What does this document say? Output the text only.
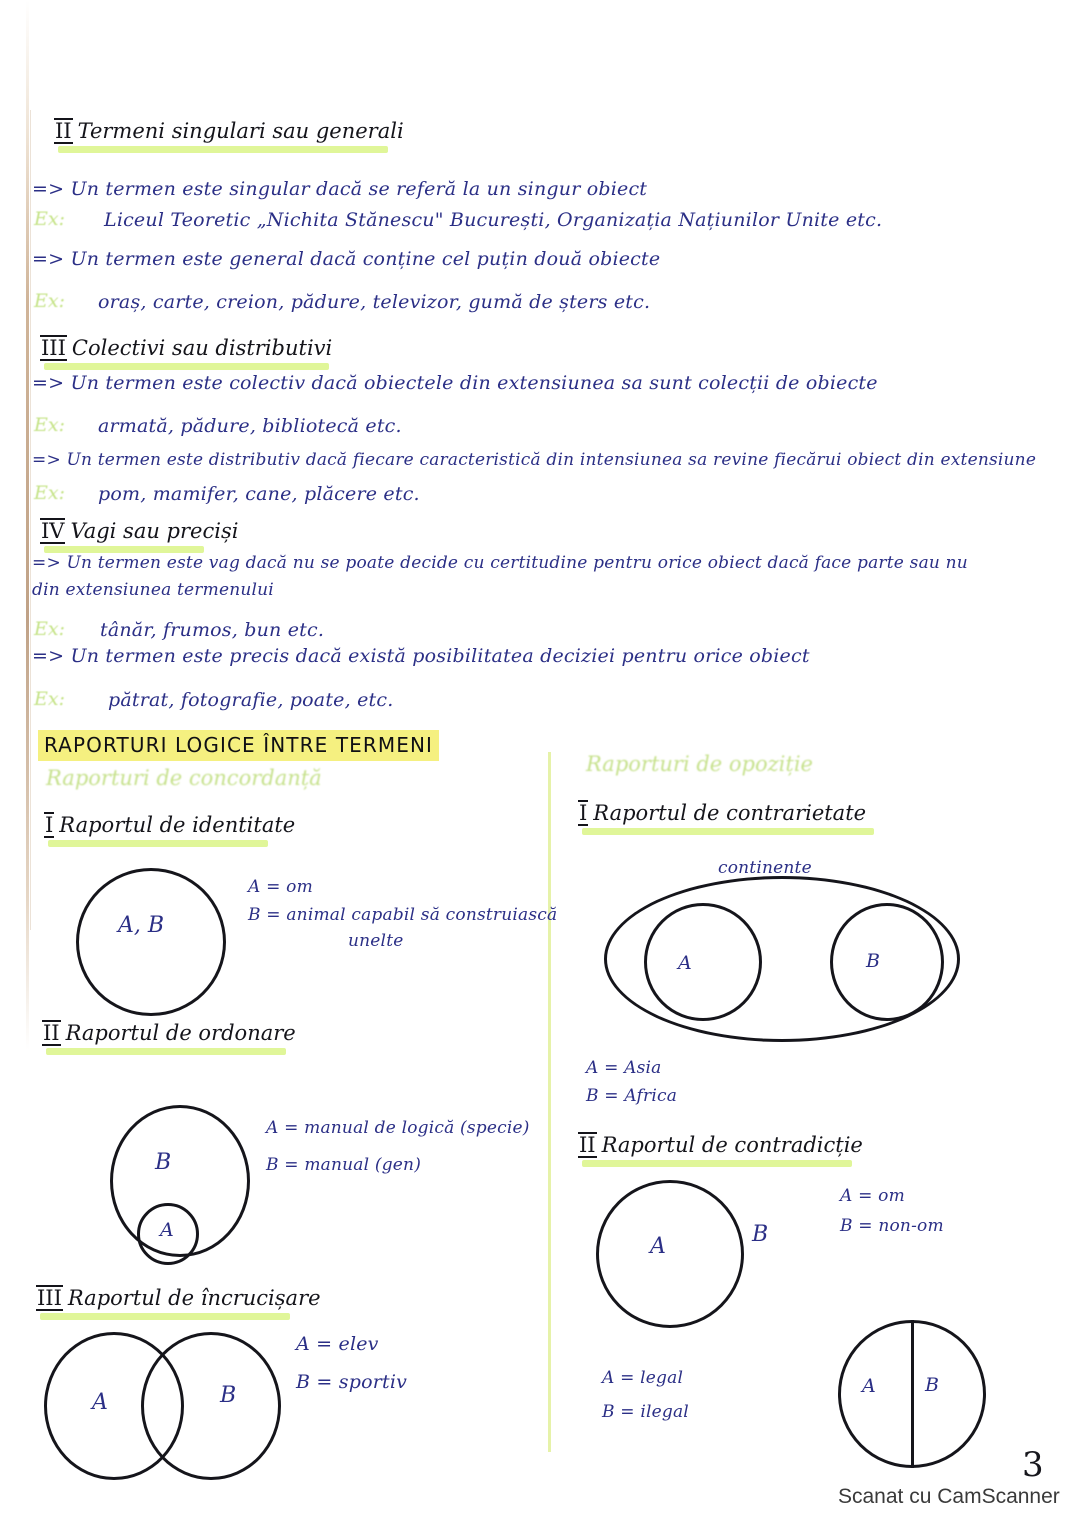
II Termeni singulari sau generali
=> Un termen este singular dacă se referă la un singur obiect
Ex: Liceul Teoretic „Nichita Stănescu" București, Organizația Națiunilor Unite etc.
=> Un termen este general dacă conține cel puțin două obiecte
Ex: oraș, carte, creion, pădure, televizor, gumă de șters etc.
III Colectivi sau distributivi
=> Un termen este colectiv dacă obiectele din extensiunea sa sunt colecții de obiecte
Ex: armată, pădure, bibliotecă etc.
=> Un termen este distributiv dacă fiecare caracteristică din intensiunea sa revine fiecărui obiect din extensiune
Ex: pom, mamifer, cane, plăcere etc.
IV Vagi sau preciși
=> Un termen este vag dacă nu se poate decide cu certitudine pentru orice obiect dacă face parte sau nu
din extensiunea termenului
Ex: tânăr, frumos, bun etc.
=> Un termen este precis dacă există posibilitatea deciziei pentru orice obiect
Ex: pătrat, fotografie, poate, etc.
RAPORTURI LOGICE ÎNTRE TERMENI
Raporturi de concordanță
I Raportul de identitate
A, B
A = om
B = animal capabil să construiască
unelte
II Raportul de ordonare
B
A
A = manual de logică (specie)
B = manual (gen)
III Raportul de încrucișare
A	B
A = elev
B = sportiv
Raporturi de opoziție
I Raportul de contrarietate
continente
A	B
A = Asia
B = Africa
II Raportul de contradicție
A	B
A = om
B = non-om
A = legal
B = ilegal
A	B
3
Scanat cu CamScanner
